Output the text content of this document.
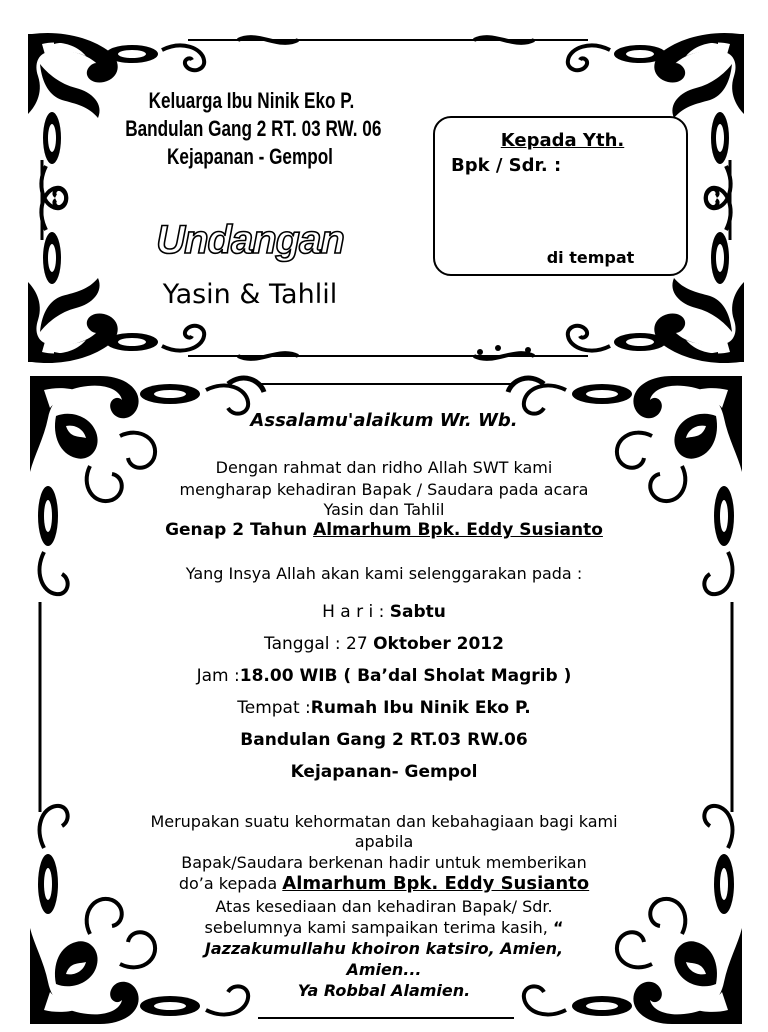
Keluarga Ibu Ninik Eko P.
Bandulan Gang 2 RT. 03 RW. 06
Kejapanan - Gempol
Undangan
Yasin & Tahlil
Kepada Yth.
Bpk / Sdr. :
di tempat
Assalamu'alaikum Wr. Wb.
Dengan rahmat dan ridho Allah SWT kami
mengharap kehadiran Bapak / Saudara pada acara
Yasin dan Tahlil
Genap 2 Tahun Almarhum Bpk. Eddy Susianto
Yang Insya Allah akan kami selenggarakan pada :
H a r i : Sabtu
Tanggal : 27 Oktober 2012
Jam :18.00 WIB ( Ba’dal Sholat Magrib )
Tempat :Rumah Ibu Ninik Eko P.
Bandulan Gang 2 RT.03 RW.06
Kejapanan- Gempol
Merupakan suatu kehormatan dan kebahagiaan bagi kami
apabila
Bapak/Saudara berkenan hadir untuk memberikan
do’a kepada Almarhum Bpk. Eddy Susianto
Atas kesediaan dan kehadiran Bapak/ Sdr.
sebelumnya kami sampaikan terima kasih, “
Jazzakumullahu khoiron katsiro, Amien,
Amien...
Ya Robbal Alamien.
